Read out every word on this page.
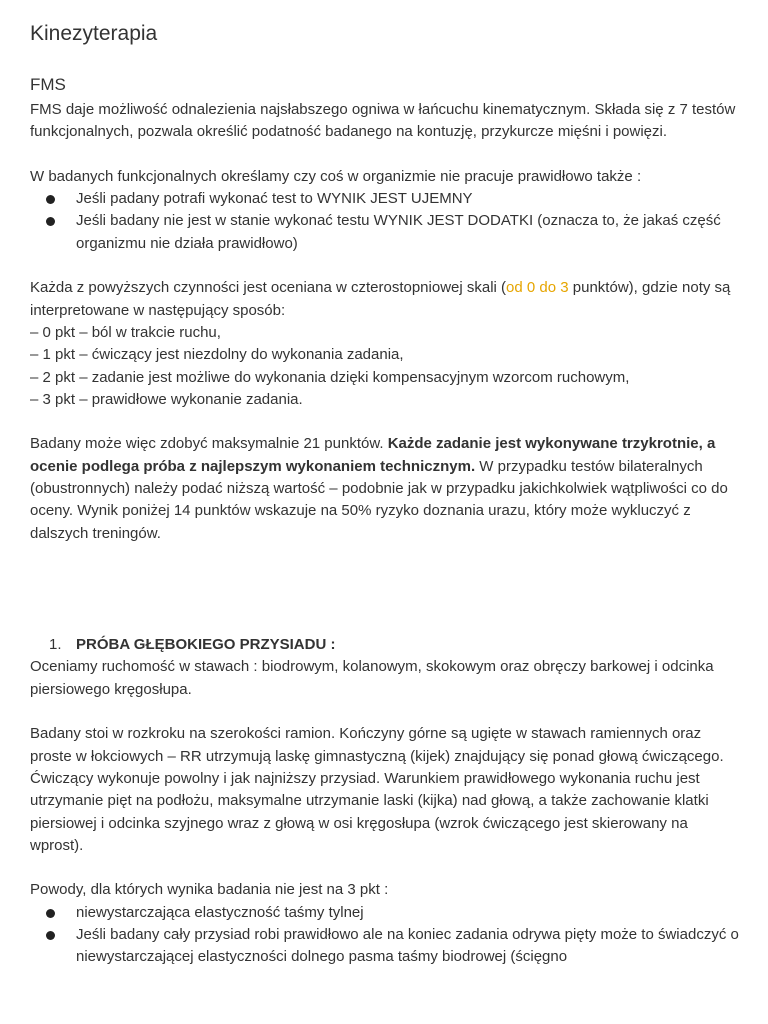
Kinezyterapia
FMS

FMS daje możliwość odnalezienia najsłabszego ogniwa w łańcuchu kinematycznym. Składa się z 7 testów funkcjonalnych, pozwala określić podatność badanego na kontuzję, przykurcze mięśni i powięzi.

W badanych funkcjonalnych określamy czy coś w organizmie nie pracuje prawidłowo także :

Jeśli padany potrafi wykonać test to WYNIK JEST UJEMNY
Jeśli badany nie jest w stanie wykonać testu WYNIK JEST DODATKI (oznacza to, że jakaś część organizmu nie działa prawidłowo)

Każda z powyższych czynności jest oceniana w czterostopniowej skali (od 0 do 3 punktów), gdzie noty są interpretowane w następujący sposób:

– 0 pkt – ból w trakcie ruchu,

– 1 pkt – ćwiczący jest niezdolny do wykonania zadania,

– 2 pkt – zadanie jest możliwe do wykonania dzięki kompensacyjnym wzorcom ruchowym,

– 3 pkt – prawidłowe wykonanie zadania.

Badany może więc zdobyć maksymalnie 21 punktów. Każde zadanie jest wykonywane trzykrotnie, a ocenie podlega próba z najlepszym wykonaniem technicznym. W przypadku testów bilateralnych (obustronnych) należy podać niższą wartość – podobnie jak w przypadku jakichkolwiek wątpliwości co do oceny. Wynik poniżej 14 punktów wskazuje na 50% ryzyko doznania urazu, który może wykluczyć z dalszych treningów.

1. PRÓBA GŁĘBOKIEGO PRZYSIADU :

Oceniamy ruchomość w stawach : biodrowym, kolanowym, skokowym oraz obręczy barkowej i odcinka piersiowego kręgosłupa.

Badany stoi w rozkroku na szerokości ramion. Kończyny górne są ugięte w stawach ramiennych oraz proste w łokciowych – RR utrzymują laskę gimnastyczną (kijek) znajdujący się ponad głową ćwiczącego. Ćwiczący wykonuje powolny i jak najniższy przysiad. Warunkiem prawidłowego wykonania ruchu jest utrzymanie pięt na podłożu, maksymalne utrzymanie laski (kijka) nad głową, a także zachowanie klatki piersiowej i odcinka szyjnego wraz z głową w osi kręgosłupa (wzrok ćwiczącego jest skierowany na wprost).

Powody, dla których wynika badania nie jest na 3 pkt :

niewystarczająca elastyczność taśmy tylnej
Jeśli badany cały przysiad robi prawidłowo ale na koniec zadania odrywa pięty może to świadczyć o niewystarczającej elastyczności dolnego pasma taśmy biodrowej (ścięgno
